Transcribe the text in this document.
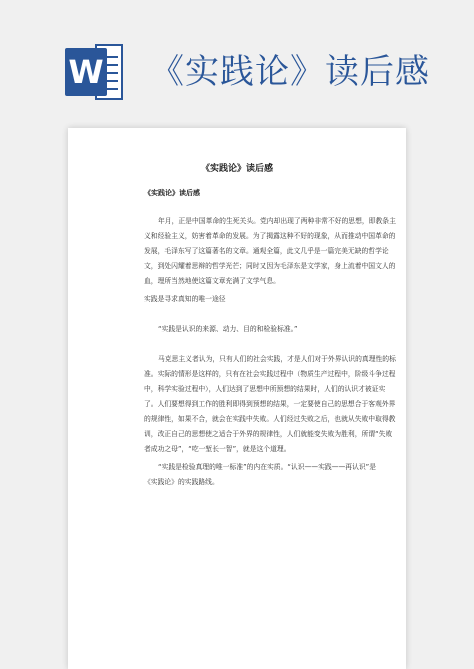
W 《实践论》读后感
《实践论》读后感

《实践论》读后感

年月，正是中国革命的生死关头。党内却出现了两种非常不好的思想，即教条主
义和经验主义，妨害着革命的发展。为了揭露这种不好的现象，从而推动中国革命的
发展，毛泽东写了这篇著名的文章。通观全篇，此文几乎是一篇完美无缺的哲学论
文，到处闪耀着思辩的哲学光芒；同时又因为毛泽东是文学家，身上流着中国文人的
血，理所当然地使这篇文章充满了文学气息。

实践是寻求真知的唯一途径

“实践是认识的来源、动力、目的和检验标准。”

马克思主义者认为，只有人们的社会实践，才是人们对于外界认识的真理性的标
准。实际的情形是这样的，只有在社会实践过程中（物质生产过程中，阶级斗争过程
中，科学实验过程中），人们达到了思想中所预想的结果时，人们的认识才被证实
了。人们要想得到工作的胜利即得到预想的结果，一定要使自己的思想合于客观外界
的规律性，如果不合，就会在实践中失败。人们经过失败之后，也就从失败中取得教
训，改正自己的思想使之适合于外界的规律性，人们就能变失败为胜利，所谓“失败
者成功之母”，“吃一堑长一智”，就是这个道理。

“实践是检验真理的唯一标准”的内在实质。“认识——实践——再认识”是
《实践论》的实践路线。
